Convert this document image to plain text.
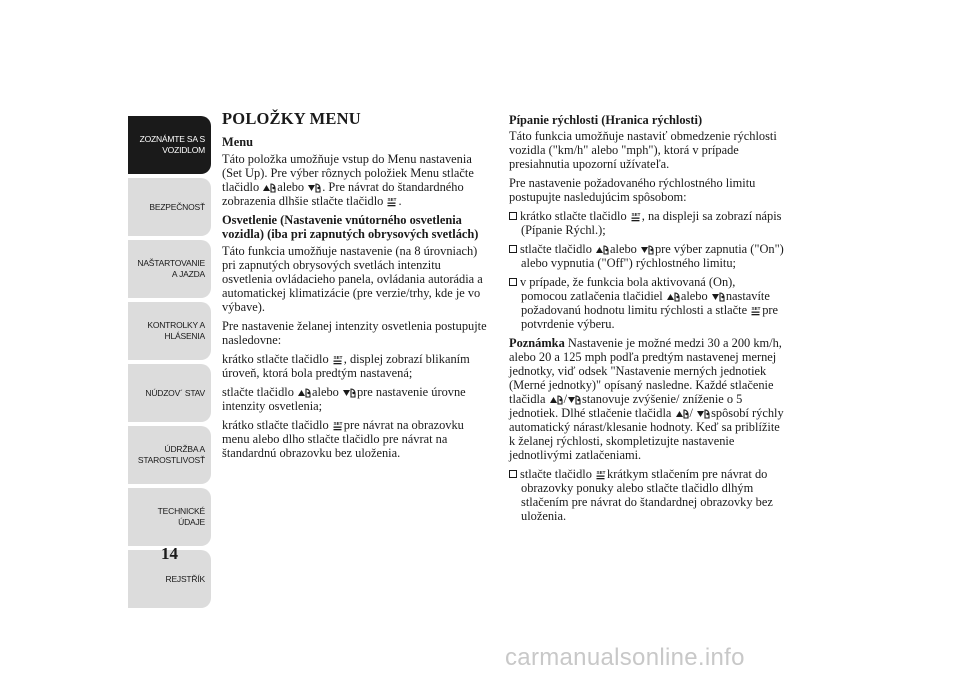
ZOZNÁMTE SA S
VOZIDLOM
BEZPEČNOSŤ
NAŠTARTOVANIE
A JAZDA
KONTROLKY A
HLÁSENIA
NÚDZOV´ STAV
ÚDRŽBA A
STAROSTLIVOSŤ
TECHNICKÉ
ÚDAJE
REJSTŘÍK
14
POLOŽKY MENU
Menu

Táto položka umožňuje vstup do Menu nastavenia (Set Up). Pre výber rôznych položiek Menu stlačte tlačidlo alebo . Pre návrat do štandardného zobrazenia dlhšie stlačte tlačidlo .

Osvetlenie (Nastavenie vnútorného osvetlenia vozidla) (iba pri zapnutých obrysových svetlách)

Táto funkcia umožňuje nastavenie (na 8 úrovniach) pri zapnutých obrysových svetlách intenzitu osvetlenia ovládacieho panela, ovládania autorádia a automatickej klimatizácie (pre verzie/trhy, kde je vo výbave).

Pre nastavenie želanej intenzity osvetlenia postupujte nasledovne:

krátko stlačte tlačidlo , displej zobrazí blikaním úroveň, ktorá bola predtým nastavená;

stlačte tlačidlo alebo pre nastavenie úrovne intenzity osvetlenia;

krátko stlačte tlačidlo pre návrat na obrazovku menu alebo dlho stlačte tlačidlo pre návrat na štandardnú obrazovku bez uloženia.

Pípanie rýchlosti (Hranica rýchlosti)

Táto funkcia umožňuje nastaviť obmedzenie rýchlosti vozidla ("km/h" alebo "mph"), ktorá v prípade presiahnutia upozorní užívateľa.

Pre nastavenie požadovaného rýchlostného limitu postupujte nasledujúcim spôsobom:

krátko stlačte tlačidlo , na displeji sa zobrazí nápis (Pípanie Rýchl.);

stlačte tlačidlo alebo pre výber zapnutia ("On") alebo vypnutia ("Off") rýchlostného limitu;

v prípade, že funkcia bola aktivovaná (On), pomocou zatlačenia tlačidiel alebo nastavíte požadovanú hodnotu limitu rýchlosti a stlačte pre potvrdenie výberu.

Poznámka Nastavenie je možné medzi 30 a 200 km/h, alebo 20 a 125 mph podľa predtým nastavenej mernej jednotky, viď odsek "Nastavenie merných jednotiek (Merné jednotky)" opísaný nasledne. Každé stlačenie tlačidla / stanovuje zvýšenie/ zníženie o 5 jednotiek. Dlhé stlačenie tlačidla / spôsobí rýchly automatický nárast/klesanie hodnoty. Keď sa priblížite k želanej rýchlosti, skompletizujte nastavenie jednotlivými zatlačeniami.

stlačte tlačidlo krátkym stlačením pre návrat do obrazovky ponuky alebo stlačte tlačidlo dlhým stlačením pre návrat do štandardnej obrazovky bez uloženia.

carmanualsonline.info
